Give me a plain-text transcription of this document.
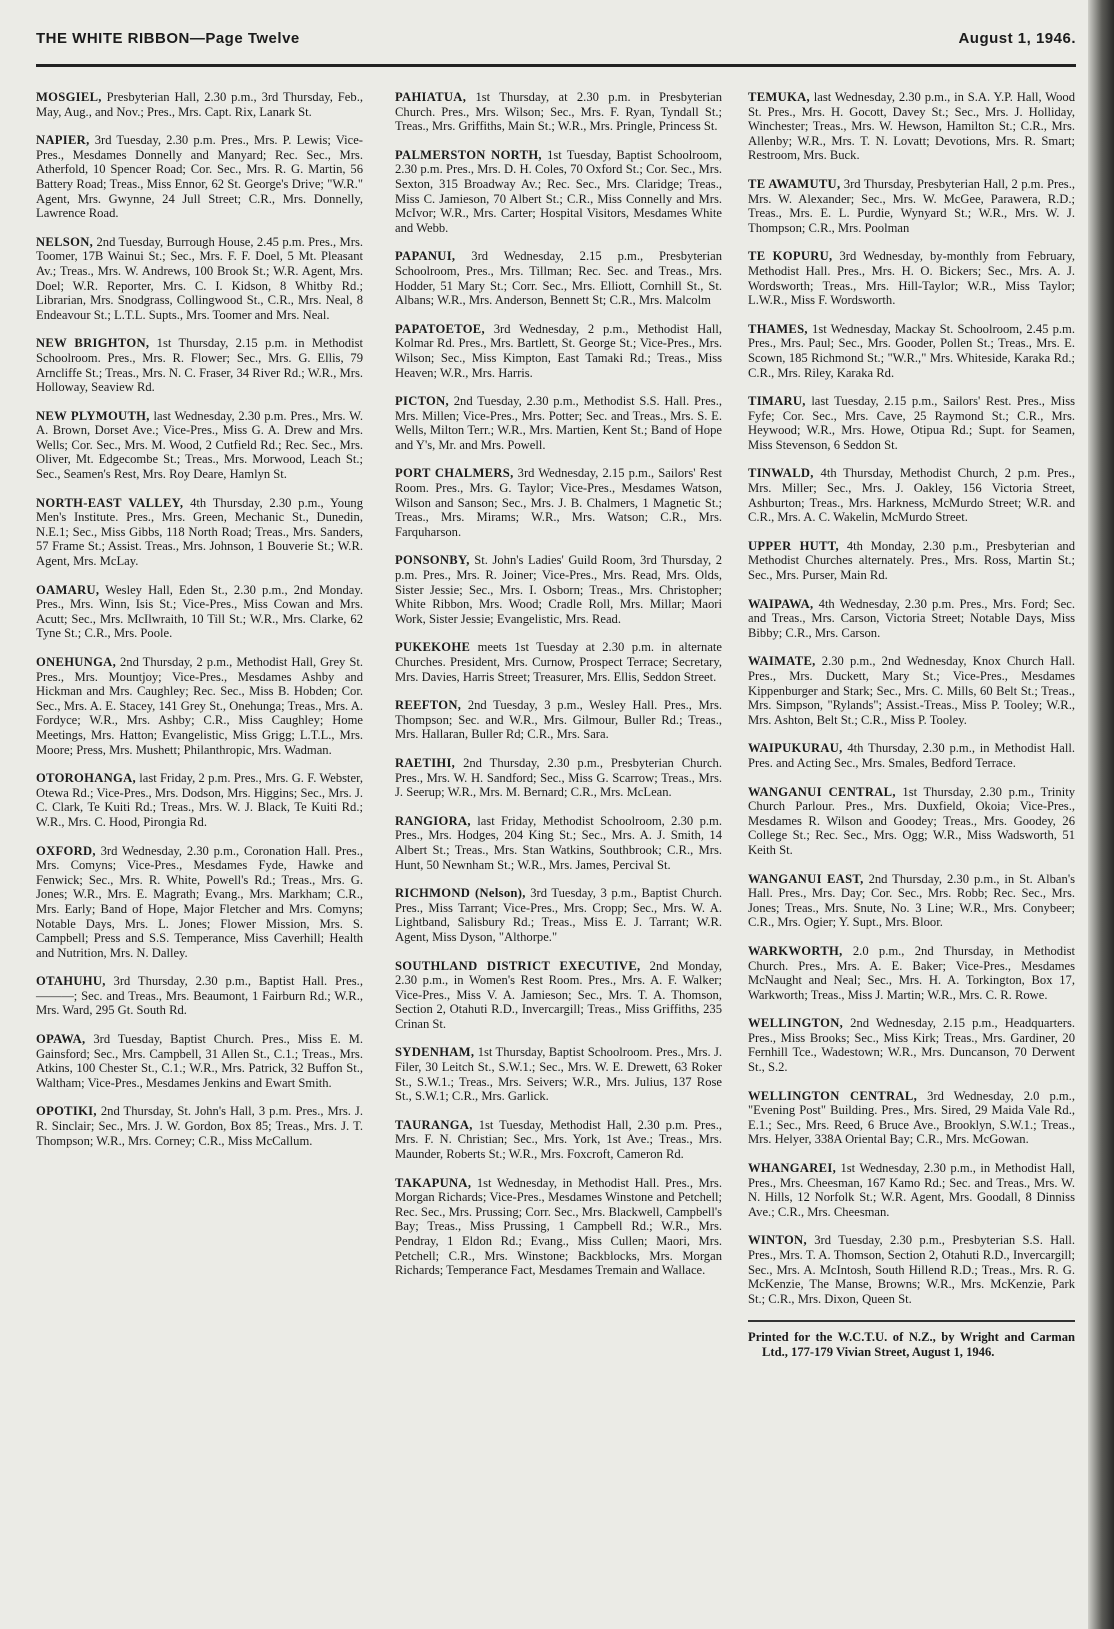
THE WHITE RIBBON—Page Twelve	August 1, 1946.

MOSGIEL, Presbyterian Hall, 2.30 p.m., 3rd Thursday, Feb., May, Aug., and Nov.; Pres., Mrs. Capt. Rix, Lanark St.

NAPIER, 3rd Tuesday, 2.30 p.m. Pres., Mrs. P. Lewis; Vice-Pres., Mesdames Donnelly and Manyard; Rec. Sec., Mrs. Atherfold, 10 Spencer Road; Cor. Sec., Mrs. R. G. Martin, 56 Battery Road; Treas., Miss Ennor, 62 St. George's Drive; "W.R." Agent, Mrs. Gwynne, 24 Jull Street; C.R., Mrs. Donnelly, Lawrence Road.

NELSON, 2nd Tuesday, Burrough House, 2.45 p.m. Pres., Mrs. Toomer, 17B Wainui St.; Sec., Mrs. F. F. Doel, 5 Mt. Pleasant Av.; Treas., Mrs. W. Andrews, 100 Brook St.; W.R. Agent, Mrs. Doel; W.R. Reporter, Mrs. C. I. Kidson, 8 Whitby Rd.; Librarian, Mrs. Snodgrass, Collingwood St., C.R., Mrs. Neal, 8 Endeavour St.; L.T.L. Supts., Mrs. Toomer and Mrs. Neal.

NEW BRIGHTON, 1st Thursday, 2.15 p.m. in Methodist Schoolroom. Pres., Mrs. R. Flower; Sec., Mrs. G. Ellis, 79 Arncliffe St.; Treas., Mrs. N. C. Fraser, 34 River Rd.; W.R., Mrs. Holloway, Seaview Rd.

NEW PLYMOUTH, last Wednesday, 2.30 p.m. Pres., Mrs. W. A. Brown, Dorset Ave.; Vice-Pres., Miss G. A. Drew and Mrs. Wells; Cor. Sec., Mrs. M. Wood, 2 Cutfield Rd.; Rec. Sec., Mrs. Oliver, Mt. Edgecombe St.; Treas., Mrs. Morwood, Leach St.; Sec., Seamen's Rest, Mrs. Roy Deare, Hamlyn St.

NORTH-EAST VALLEY, 4th Thursday, 2.30 p.m., Young Men's Institute. Pres., Mrs. Green, Mechanic St., Dunedin, N.E.1; Sec., Miss Gibbs, 118 North Road; Treas., Mrs. Sanders, 57 Frame St.; Assist. Treas., Mrs. Johnson, 1 Bouverie St.; W.R. Agent, Mrs. McLay.

OAMARU, Wesley Hall, Eden St., 2.30 p.m., 2nd Monday. Pres., Mrs. Winn, Isis St.; Vice-Pres., Miss Cowan and Mrs. Acutt; Sec., Mrs. McIlwraith, 10 Till St.; W.R., Mrs. Clarke, 62 Tyne St.; C.R., Mrs. Poole.

ONEHUNGA, 2nd Thursday, 2 p.m., Methodist Hall, Grey St. Pres., Mrs. Mountjoy; Vice-Pres., Mesdames Ashby and Hickman and Mrs. Caughley; Rec. Sec., Miss B. Hobden; Cor. Sec., Mrs. A. E. Stacey, 141 Grey St., Onehunga; Treas., Mrs. A. Fordyce; W.R., Mrs. Ashby; C.R., Miss Caughley; Home Meetings, Mrs. Hatton; Evangelistic, Miss Grigg; L.T.L., Mrs. Moore; Press, Mrs. Mushett; Philanthropic, Mrs. Wadman.

OTOROHANGA, last Friday, 2 p.m. Pres., Mrs. G. F. Webster, Otewa Rd.; Vice-Pres., Mrs. Dodson, Mrs. Higgins; Sec., Mrs. J. C. Clark, Te Kuiti Rd.; Treas., Mrs. W. J. Black, Te Kuiti Rd.; W.R., Mrs. C. Hood, Pirongia Rd.

OXFORD, 3rd Wednesday, 2.30 p.m., Coronation Hall. Pres., Mrs. Comyns; Vice-Pres., Mesdames Fyde, Hawke and Fenwick; Sec., Mrs. R. White, Powell's Rd.; Treas., Mrs. G. Jones; W.R., Mrs. E. Magrath; Evang., Mrs. Markham; C.R., Mrs. Early; Band of Hope, Major Fletcher and Mrs. Comyns; Notable Days, Mrs. L. Jones; Flower Mission, Mrs. S. Campbell; Press and S.S. Temperance, Miss Caverhill; Health and Nutrition, Mrs. N. Dalley.

OTAHUHU, 3rd Thursday, 2.30 p.m., Baptist Hall. Pres., ———; Sec. and Treas., Mrs. Beaumont, 1 Fairburn Rd.; W.R., Mrs. Ward, 295 Gt. South Rd.

OPAWA, 3rd Tuesday, Baptist Church. Pres., Miss E. M. Gainsford; Sec., Mrs. Campbell, 31 Allen St., C.1.; Treas., Mrs. Atkins, 100 Chester St., C.1.; W.R., Mrs. Patrick, 32 Buffon St., Waltham; Vice-Pres., Mesdames Jenkins and Ewart Smith.

OPOTIKI, 2nd Thursday, St. John's Hall, 3 p.m. Pres., Mrs. J. R. Sinclair; Sec., Mrs. J. W. Gordon, Box 85; Treas., Mrs. J. T. Thompson; W.R., Mrs. Corney; C.R., Miss McCallum.

PAHIATUA, 1st Thursday, at 2.30 p.m. in Presbyterian Church. Pres., Mrs. Wilson; Sec., Mrs. F. Ryan, Tyndall St.; Treas., Mrs. Griffiths, Main St.; W.R., Mrs. Pringle, Princess St.

PALMERSTON NORTH, 1st Tuesday, Baptist Schoolroom, 2.30 p.m. Pres., Mrs. D. H. Coles, 70 Oxford St.; Cor. Sec., Mrs. Sexton, 315 Broadway Av.; Rec. Sec., Mrs. Claridge; Treas., Miss C. Jamieson, 70 Albert St.; C.R., Miss Connelly and Mrs. McIvor; W.R., Mrs. Carter; Hospital Visitors, Mesdames White and Webb.

PAPANUI, 3rd Wednesday, 2.15 p.m., Presbyterian Schoolroom, Pres., Mrs. Tillman; Rec. Sec. and Treas., Mrs. Hodder, 51 Mary St.; Corr. Sec., Mrs. Elliott, Cornhill St., St. Albans; W.R., Mrs. Anderson, Bennett St; C.R., Mrs. Malcolm

PAPATOETOE, 3rd Wednesday, 2 p.m., Methodist Hall, Kolmar Rd. Pres., Mrs. Bartlett, St. George St.; Vice-Pres., Mrs. Wilson; Sec., Miss Kimpton, East Tamaki Rd.; Treas., Miss Heaven; W.R., Mrs. Harris.

PICTON, 2nd Tuesday, 2.30 p.m., Methodist S.S. Hall. Pres., Mrs. Millen; Vice-Pres., Mrs. Potter; Sec. and Treas., Mrs. S. E. Wells, Milton Terr.; W.R., Mrs. Martien, Kent St.; Band of Hope and Y's, Mr. and Mrs. Powell.

PORT CHALMERS, 3rd Wednesday, 2.15 p.m., Sailors' Rest Room. Pres., Mrs. G. Taylor; Vice-Pres., Mesdames Watson, Wilson and Sanson; Sec., Mrs. J. B. Chalmers, 1 Magnetic St.; Treas., Mrs. Mirams; W.R., Mrs. Watson; C.R., Mrs. Farquharson.

PONSONBY, St. John's Ladies' Guild Room, 3rd Thursday, 2 p.m. Pres., Mrs. R. Joiner; Vice-Pres., Mrs. Read, Mrs. Olds, Sister Jessie; Sec., Mrs. I. Osborn; Treas., Mrs. Christopher; White Ribbon, Mrs. Wood; Cradle Roll, Mrs. Millar; Maori Work, Sister Jessie; Evangelistic, Mrs. Read.

PUKEKOHE meets 1st Tuesday at 2.30 p.m. in alternate Churches. President, Mrs. Curnow, Prospect Terrace; Secretary, Mrs. Davies, Harris Street; Treasurer, Mrs. Ellis, Seddon Street.

REEFTON, 2nd Tuesday, 3 p.m., Wesley Hall. Pres., Mrs. Thompson; Sec. and W.R., Mrs. Gilmour, Buller Rd.; Treas., Mrs. Hallaran, Buller Rd; C.R., Mrs. Sara.

RAETIHI, 2nd Thursday, 2.30 p.m., Presbyterian Church. Pres., Mrs. W. H. Sandford; Sec., Miss G. Scarrow; Treas., Mrs. J. Seerup; W.R., Mrs. M. Bernard; C.R., Mrs. McLean.

RANGIORA, last Friday, Methodist Schoolroom, 2.30 p.m. Pres., Mrs. Hodges, 204 King St.; Sec., Mrs. A. J. Smith, 14 Albert St.; Treas., Mrs. Stan Watkins, Southbrook; C.R., Mrs. Hunt, 50 Newnham St.; W.R., Mrs. James, Percival St.

RICHMOND (Nelson), 3rd Tuesday, 3 p.m., Baptist Church. Pres., Miss Tarrant; Vice-Pres., Mrs. Cropp; Sec., Mrs. W. A. Lightband, Salisbury Rd.; Treas., Miss E. J. Tarrant; W.R. Agent, Miss Dyson, "Althorpe."

SOUTHLAND DISTRICT EXECUTIVE, 2nd Monday, 2.30 p.m., in Women's Rest Room. Pres., Mrs. A. F. Walker; Vice-Pres., Miss V. A. Jamieson; Sec., Mrs. T. A. Thomson, Section 2, Otahuti R.D., Invercargill; Treas., Miss Griffiths, 235 Crinan St.

SYDENHAM, 1st Thursday, Baptist Schoolroom. Pres., Mrs. J. Filer, 30 Leitch St., S.W.1.; Sec., Mrs. W. E. Drewett, 63 Roker St., S.W.1.; Treas., Mrs. Seivers; W.R., Mrs. Julius, 137 Rose St., S.W.1; C.R., Mrs. Garlick.

TAURANGA, 1st Tuesday, Methodist Hall, 2.30 p.m. Pres., Mrs. F. N. Christian; Sec., Mrs. York, 1st Ave.; Treas., Mrs. Maunder, Roberts St.; W.R., Mrs. Foxcroft, Cameron Rd.

TAKAPUNA, 1st Wednesday, in Methodist Hall. Pres., Mrs. Morgan Richards; Vice-Pres., Mesdames Winstone and Petchell; Rec. Sec., Mrs. Prussing; Corr. Sec., Mrs. Blackwell, Campbell's Bay; Treas., Miss Prussing, 1 Campbell Rd.; W.R., Mrs. Pendray, 1 Eldon Rd.; Evang., Miss Cullen; Maori, Mrs. Petchell; C.R., Mrs. Winstone; Backblocks, Mrs. Morgan Richards; Temperance Fact, Mesdames Tremain and Wallace.

TEMUKA, last Wednesday, 2.30 p.m., in S.A. Y.P. Hall, Wood St. Pres., Mrs. H. Gocott, Davey St.; Sec., Mrs. J. Holliday, Winchester; Treas., Mrs. W. Hewson, Hamilton St.; C.R., Mrs. Allenby; W.R., Mrs. T. N. Lovatt; Devotions, Mrs. R. Smart; Restroom, Mrs. Buck.

TE AWAMUTU, 3rd Thursday, Presbyterian Hall, 2 p.m. Pres., Mrs. W. Alexander; Sec., Mrs. W. McGee, Parawera, R.D.; Treas., Mrs. E. L. Purdie, Wynyard St.; W.R., Mrs. W. J. Thompson; C.R., Mrs. Poolman

TE KOPURU, 3rd Wednesday, by-monthly from February, Methodist Hall. Pres., Mrs. H. O. Bickers; Sec., Mrs. A. J. Wordsworth; Treas., Mrs. Hill-Taylor; W.R., Miss Taylor; L.W.R., Miss F. Wordsworth.

THAMES, 1st Wednesday, Mackay St. Schoolroom, 2.45 p.m. Pres., Mrs. Paul; Sec., Mrs. Gooder, Pollen St.; Treas., Mrs. E. Scown, 185 Richmond St.; "W.R.," Mrs. Whiteside, Karaka Rd.; C.R., Mrs. Riley, Karaka Rd.

TIMARU, last Tuesday, 2.15 p.m., Sailors' Rest. Pres., Miss Fyfe; Cor. Sec., Mrs. Cave, 25 Raymond St.; C.R., Mrs. Heywood; W.R., Mrs. Howe, Otipua Rd.; Supt. for Seamen, Miss Stevenson, 6 Seddon St.

TINWALD, 4th Thursday, Methodist Church, 2 p.m. Pres., Mrs. Miller; Sec., Mrs. J. Oakley, 156 Victoria Street, Ashburton; Treas., Mrs. Harkness, McMurdo Street; W.R. and C.R., Mrs. A. C. Wakelin, McMurdo Street.

UPPER HUTT, 4th Monday, 2.30 p.m., Presbyterian and Methodist Churches alternately. Pres., Mrs. Ross, Martin St.; Sec., Mrs. Purser, Main Rd.

WAIPAWA, 4th Wednesday, 2.30 p.m. Pres., Mrs. Ford; Sec. and Treas., Mrs. Carson, Victoria Street; Notable Days, Miss Bibby; C.R., Mrs. Carson.

WAIMATE, 2.30 p.m., 2nd Wednesday, Knox Church Hall. Pres., Mrs. Duckett, Mary St.; Vice-Pres., Mesdames Kippenburger and Stark; Sec., Mrs. C. Mills, 60 Belt St.; Treas., Mrs. Simpson, "Rylands"; Assist.-Treas., Miss P. Tooley; W.R., Mrs. Ashton, Belt St.; C.R., Miss P. Tooley.

WAIPUKURAU, 4th Thursday, 2.30 p.m., in Methodist Hall. Pres. and Acting Sec., Mrs. Smales, Bedford Terrace.

WANGANUI CENTRAL, 1st Thursday, 2.30 p.m., Trinity Church Parlour. Pres., Mrs. Duxfield, Okoia; Vice-Pres., Mesdames R. Wilson and Goodey; Treas., Mrs. Goodey, 26 College St.; Rec. Sec., Mrs. Ogg; W.R., Miss Wadsworth, 51 Keith St.

WANGANUI EAST, 2nd Thursday, 2.30 p.m., in St. Alban's Hall. Pres., Mrs. Day; Cor. Sec., Mrs. Robb; Rec. Sec., Mrs. Jones; Treas., Mrs. Snute, No. 3 Line; W.R., Mrs. Conybeer; C.R., Mrs. Ogier; Y. Supt., Mrs. Bloor.

WARKWORTH, 2.0 p.m., 2nd Thursday, in Methodist Church. Pres., Mrs. A. E. Baker; Vice-Pres., Mesdames McNaught and Neal; Sec., Mrs. H. A. Torkington, Box 17, Warkworth; Treas., Miss J. Martin; W.R., Mrs. C. R. Rowe.

WELLINGTON, 2nd Wednesday, 2.15 p.m., Headquarters. Pres., Miss Brooks; Sec., Miss Kirk; Treas., Mrs. Gardiner, 20 Fernhill Tce., Wadestown; W.R., Mrs. Duncanson, 70 Derwent St., S.2.

WELLINGTON CENTRAL, 3rd Wednesday, 2.0 p.m., "Evening Post" Building. Pres., Mrs. Sired, 29 Maida Vale Rd., E.1.; Sec., Mrs. Reed, 6 Bruce Ave., Brooklyn, S.W.1.; Treas., Mrs. Helyer, 338A Oriental Bay; C.R., Mrs. McGowan.

WHANGAREI, 1st Wednesday, 2.30 p.m., in Methodist Hall, Pres., Mrs. Cheesman, 167 Kamo Rd.; Sec. and Treas., Mrs. W. N. Hills, 12 Norfolk St.; W.R. Agent, Mrs. Goodall, 8 Dinniss Ave.; C.R., Mrs. Cheesman.

WINTON, 3rd Tuesday, 2.30 p.m., Presbyterian S.S. Hall. Pres., Mrs. T. A. Thomson, Section 2, Otahuti R.D., Invercargill; Sec., Mrs. A. McIntosh, South Hillend R.D.; Treas., Mrs. R. G. McKenzie, The Manse, Browns; W.R., Mrs. McKenzie, Park St.; C.R., Mrs. Dixon, Queen St.

Printed for the W.C.T.U. of N.Z., by Wright and Carman Ltd., 177-179 Vivian Street, August 1, 1946.
